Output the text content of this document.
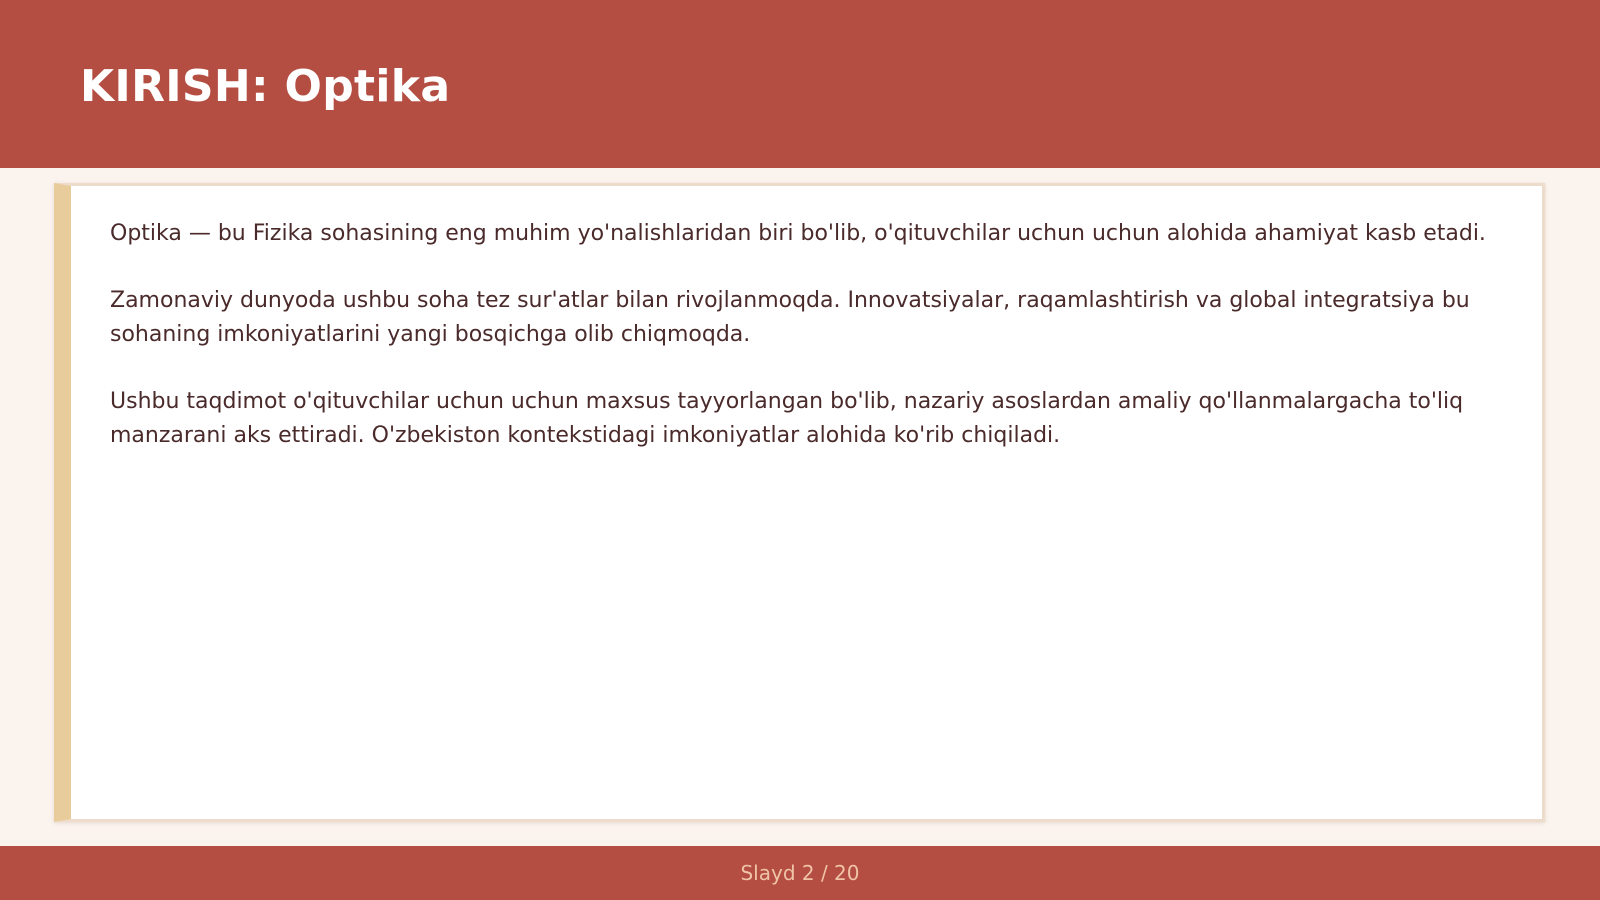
KIRISH: Optika

Optika — bu Fizika sohasining eng muhim yo'nalishlaridan biri bo'lib, o'qituvchilar uchun uchun alohida ahamiyat kasb etadi.

Zamonaviy dunyoda ushbu soha tez sur'atlar bilan rivojlanmoqda. Innovatsiyalar, raqamlashtirish va global integratsiya bu sohaning imkoniyatlarini yangi bosqichga olib chiqmoqda.

Ushbu taqdimot o'qituvchilar uchun uchun maxsus tayyorlangan bo'lib, nazariy asoslardan amaliy qo'llanmalargacha to'liq manzarani aks ettiradi. O'zbekiston kontekstidagi imkoniyatlar alohida ko'rib chiqiladi.

Slayd 2 / 20
